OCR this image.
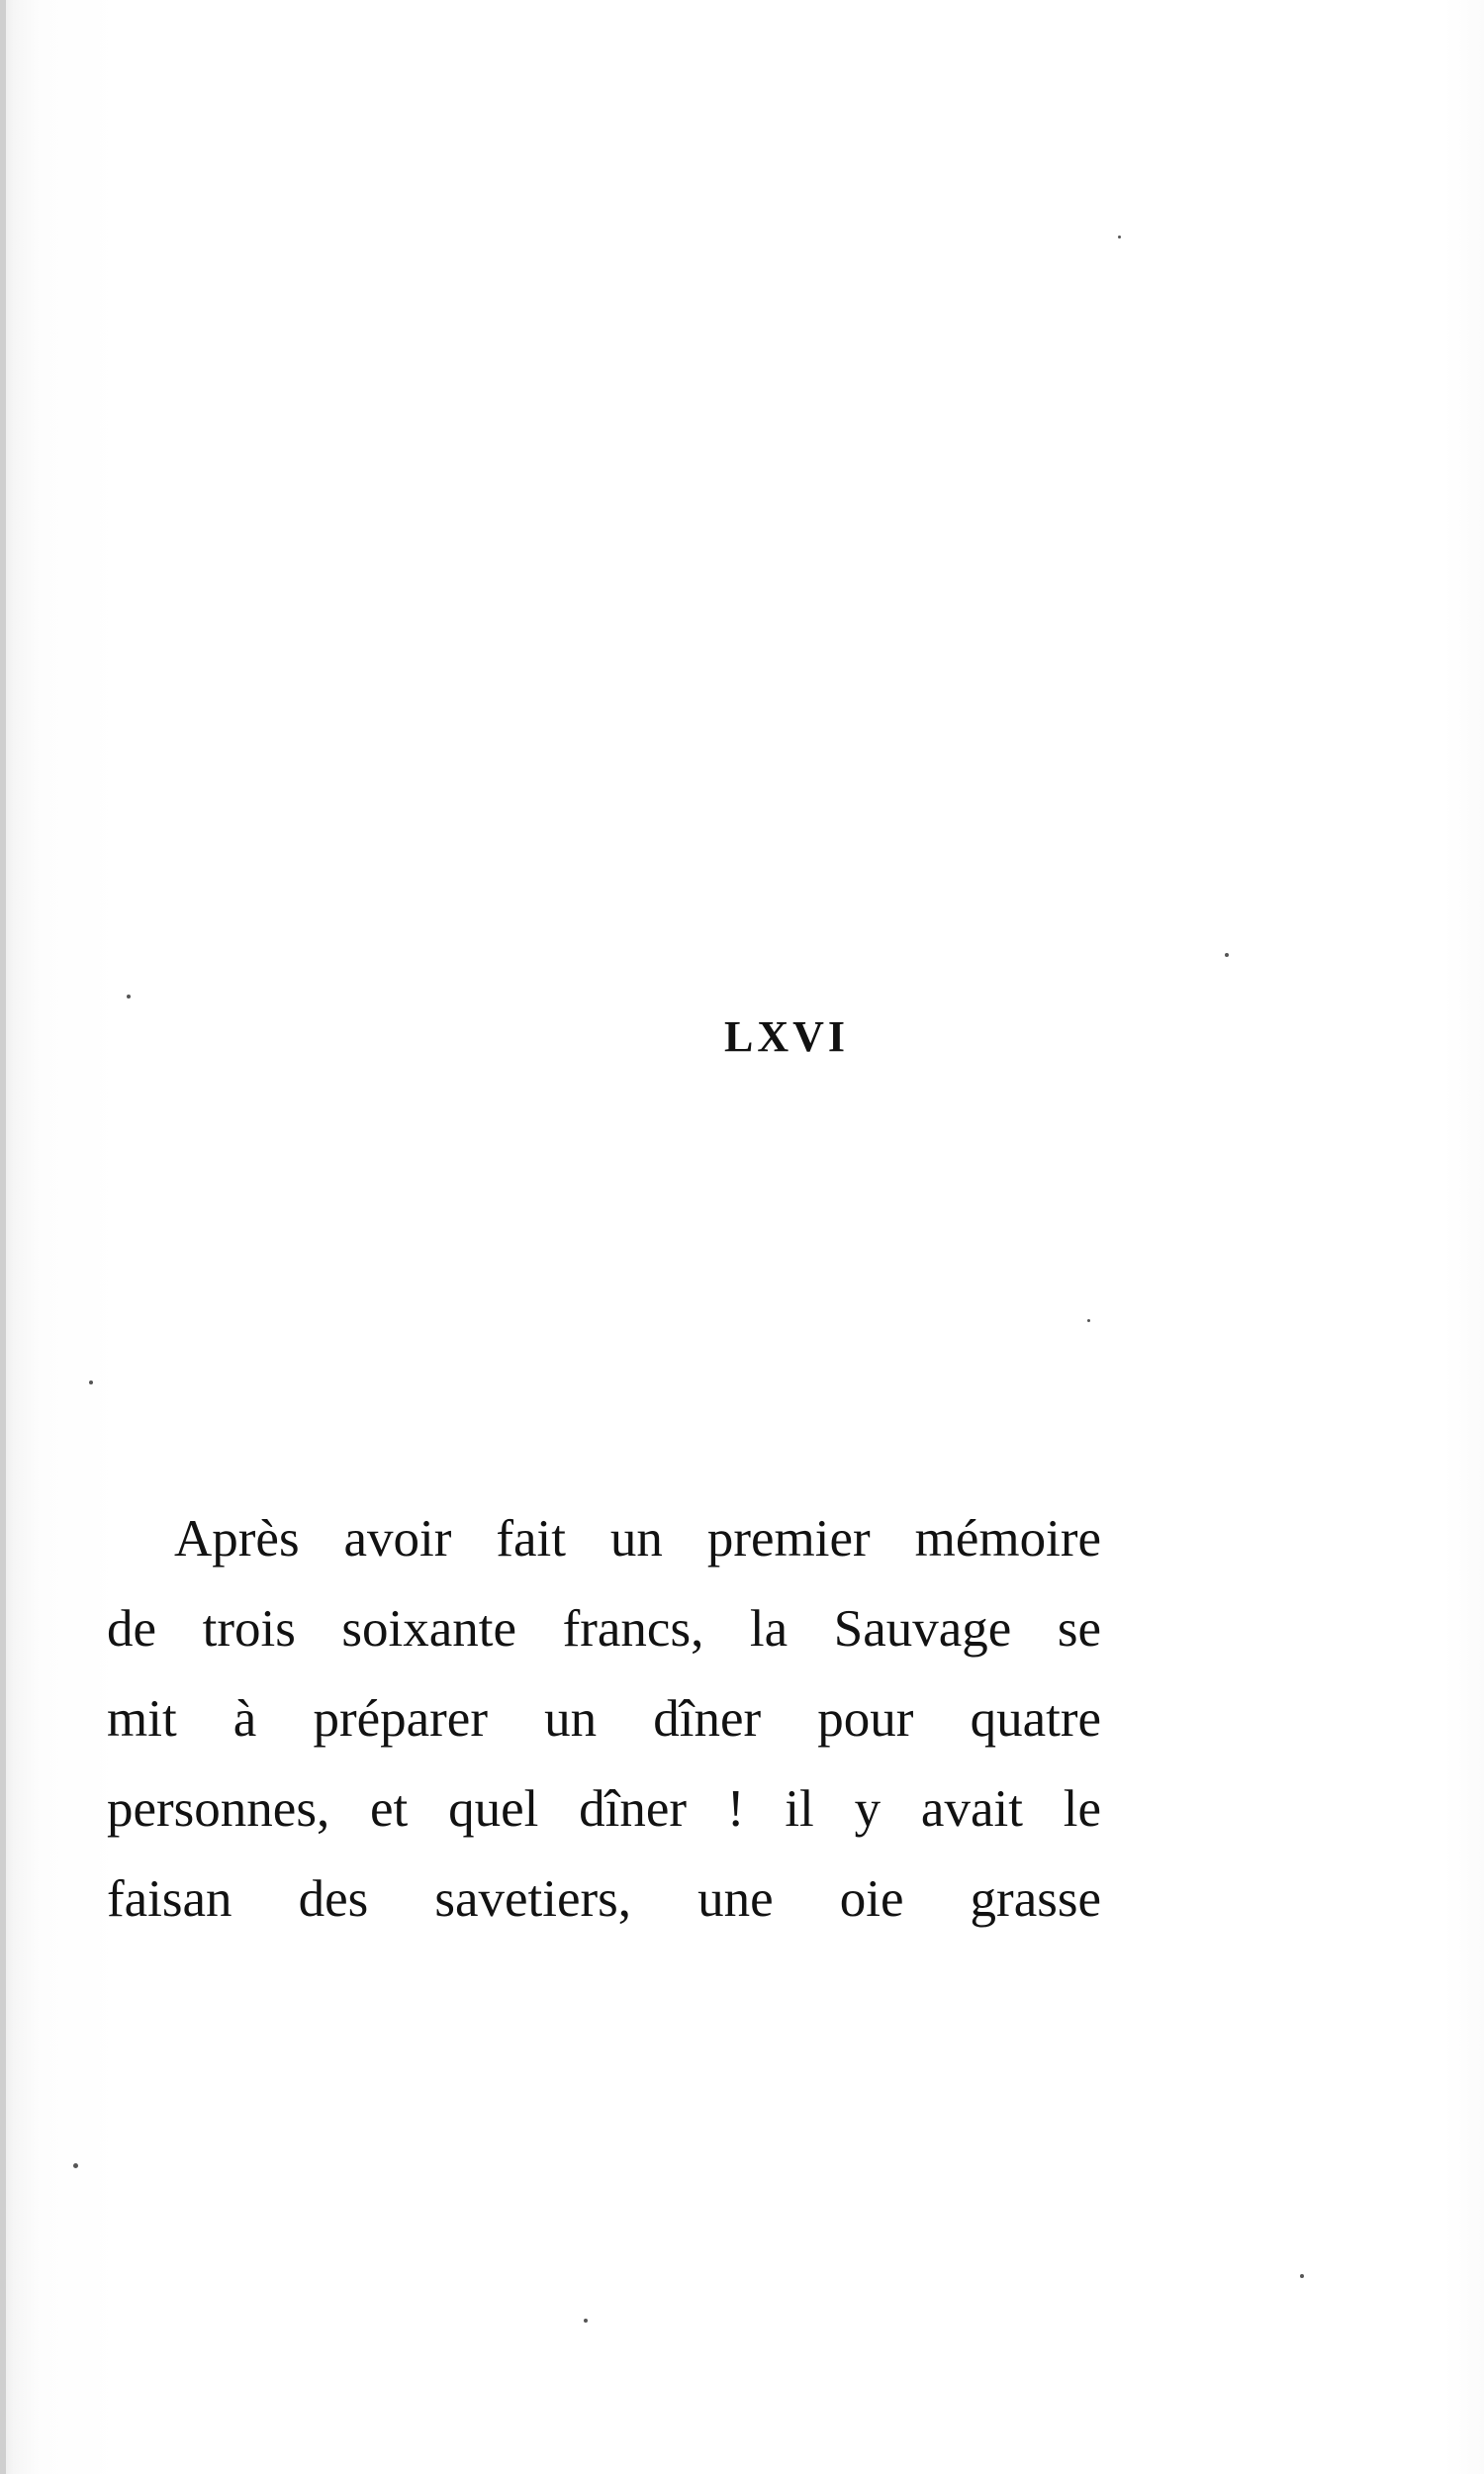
LXVI
Après avoir fait un premier mémoire
de trois soixante francs, la Sauvage se
mit à préparer un dîner pour quatre
personnes, et quel dîner ! il y avait le
faisan des savetiers, une oie grasse
